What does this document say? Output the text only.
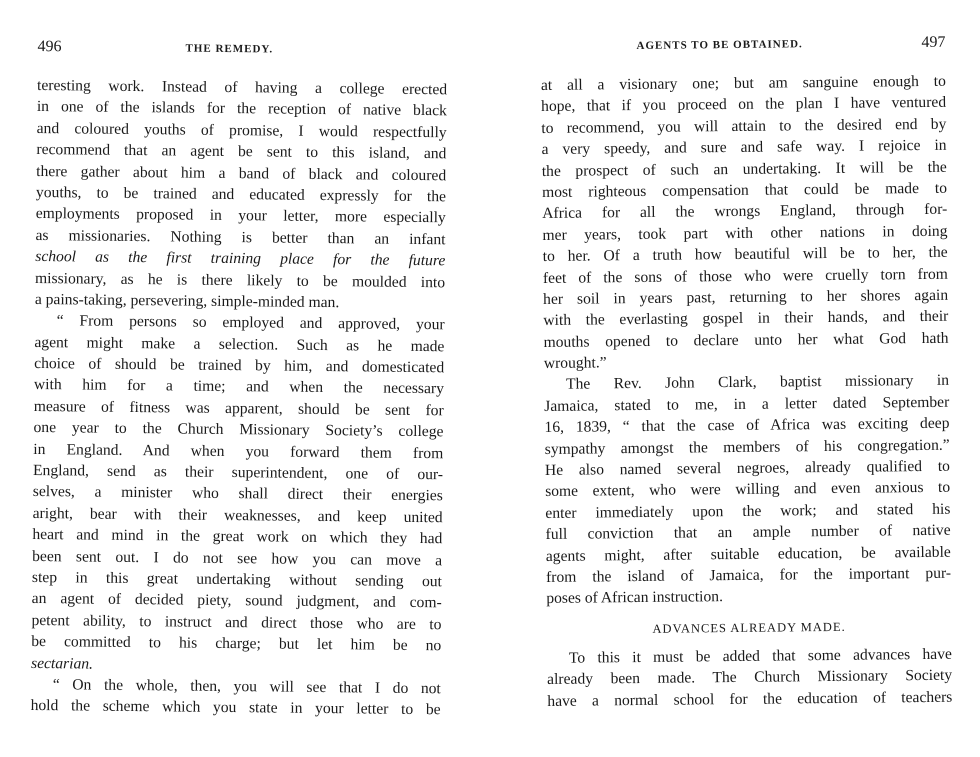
496	THE REMEDY.
teresting work. Instead of having a college erected
in one of the islands for the reception of native black
and coloured youths of promise, I would respectfully
recommend that an agent be sent to this island, and
there gather about him a band of black and coloured
youths, to be trained and educated expressly for the
employments proposed in your letter, more especially
as missionaries. Nothing is better than an infant
school as the first training place for the future
missionary, as he is there likely to be moulded into
a pains-taking, persevering, simple-minded man.
“ From persons so employed and approved, your
agent might make a selection. Such as he made
choice of should be trained by him, and domesticated
with him for a time; and when the necessary
measure of fitness was apparent, should be sent for
one year to the Church Missionary Society’s college
in England. And when you forward them from
England, send as their superintendent, one of our-
selves, a minister who shall direct their energies
aright, bear with their weaknesses, and keep united
heart and mind in the great work on which they had
been sent out. I do not see how you can move a
step in this great undertaking without sending out
an agent of decided piety, sound judgment, and com-
petent ability, to instruct and direct those who are to
be committed to his charge; but let him be no
sectarian.
“ On the whole, then, you will see that I do not
hold the scheme which you state in your letter to be
AGENTS TO BE OBTAINED.	497
at all a visionary one; but am sanguine enough to
hope, that if you proceed on the plan I have ventured
to recommend, you will attain to the desired end by
a very speedy, and sure and safe way. I rejoice in
the prospect of such an undertaking. It will be the
most righteous compensation that could be made to
Africa for all the wrongs England, through for-
mer years, took part with other nations in doing
to her. Of a truth how beautiful will be to her, the
feet of the sons of those who were cruelly torn from
her soil in years past, returning to her shores again
with the everlasting gospel in their hands, and their
mouths opened to declare unto her what God hath
wrought.”
The Rev. John Clark, baptist missionary in
Jamaica, stated to me, in a letter dated September
16, 1839, “ that the case of Africa was exciting deep
sympathy amongst the members of his congregation.”
He also named several negroes, already qualified to
some extent, who were willing and even anxious to
enter immediately upon the work; and stated his
full conviction that an ample number of native
agents might, after suitable education, be available
from the island of Jamaica, for the important pur-
poses of African instruction.
ADVANCES ALREADY MADE.
To this it must be added that some advances have
already been made. The Church Missionary Society
have a normal school for the education of teachers
